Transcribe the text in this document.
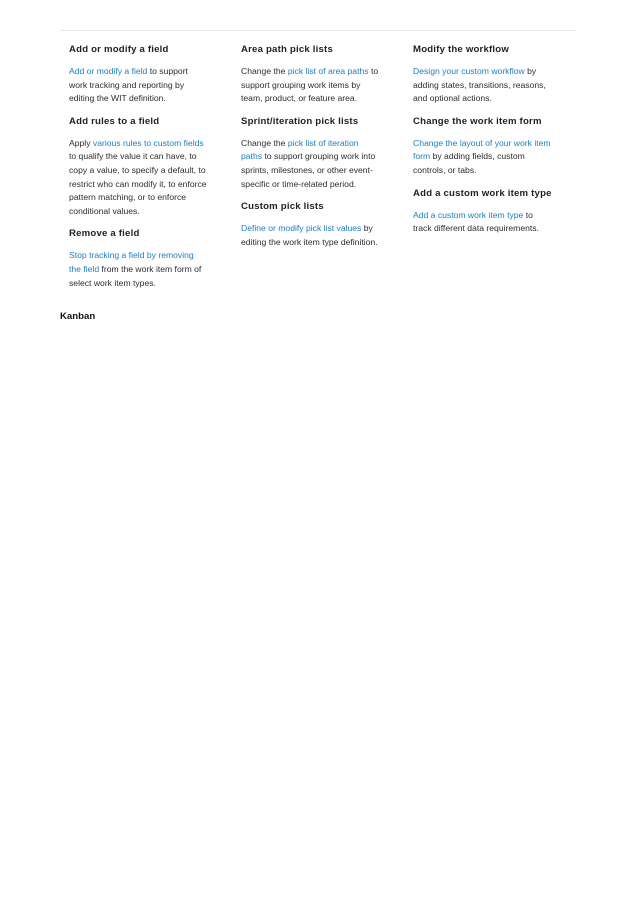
Add or modify a field

Add or modify a field to support work tracking and reporting by editing the WIT definition.

Add rules to a field

Apply various rules to custom fields to qualify the value it can have, to copy a value, to specify a default, to restrict who can modify it, to enforce pattern matching, or to enforce conditional values.

Remove a field

Stop tracking a field by removing the field from the work item form of select work item types.

Area path pick lists

Change the pick list of area paths to support grouping work items by team, product, or feature area.

Sprint/iteration pick lists

Change the pick list of iteration paths to support grouping work into sprints, milestones, or other event-specific or time-related period.

Custom pick lists

Define or modify pick list values by editing the work item type definition.

Modify the workflow

Design your custom workflow by adding states, transitions, reasons, and optional actions.

Change the work item form

Change the layout of your work item form by adding fields, custom controls, or tabs.

Add a custom work item type

Add a custom work item type to track different data requirements.

Kanban
